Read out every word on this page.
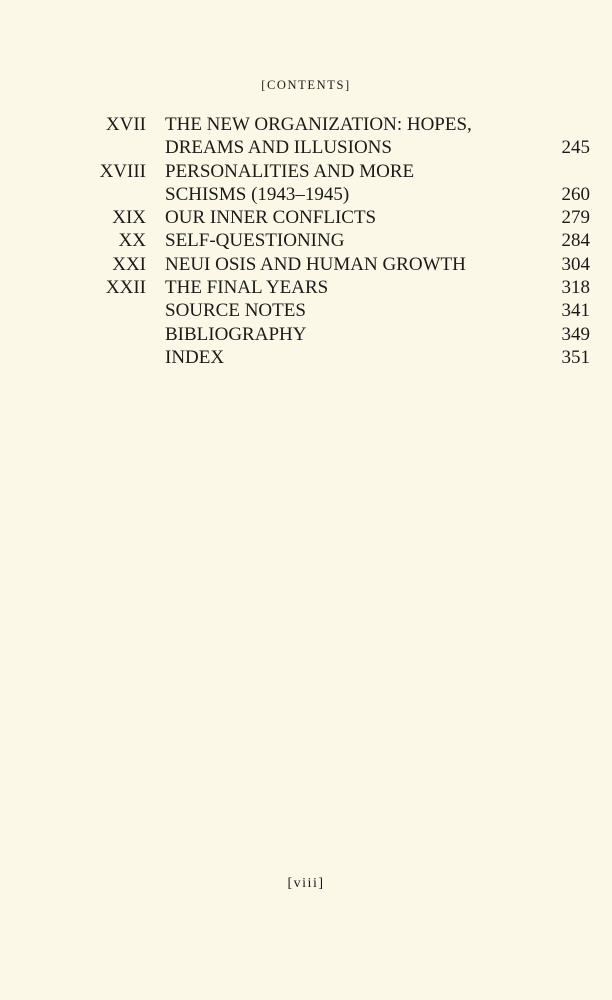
[CONTENTS]
XVII THE NEW ORGANIZATION: HOPES,
DREAMS AND ILLUSIONS	245
XVIII PERSONALITIES AND MORE
SCHISMS (1943–1945)	260
XIX OUR INNER CONFLICTS	279
XX SELF-QUESTIONING	284
XXI NEUI OSIS AND HUMAN GROWTH	304
XXII THE FINAL YEARS	318
SOURCE NOTES	341
BIBLIOGRAPHY	349
INDEX	351
[viii]
